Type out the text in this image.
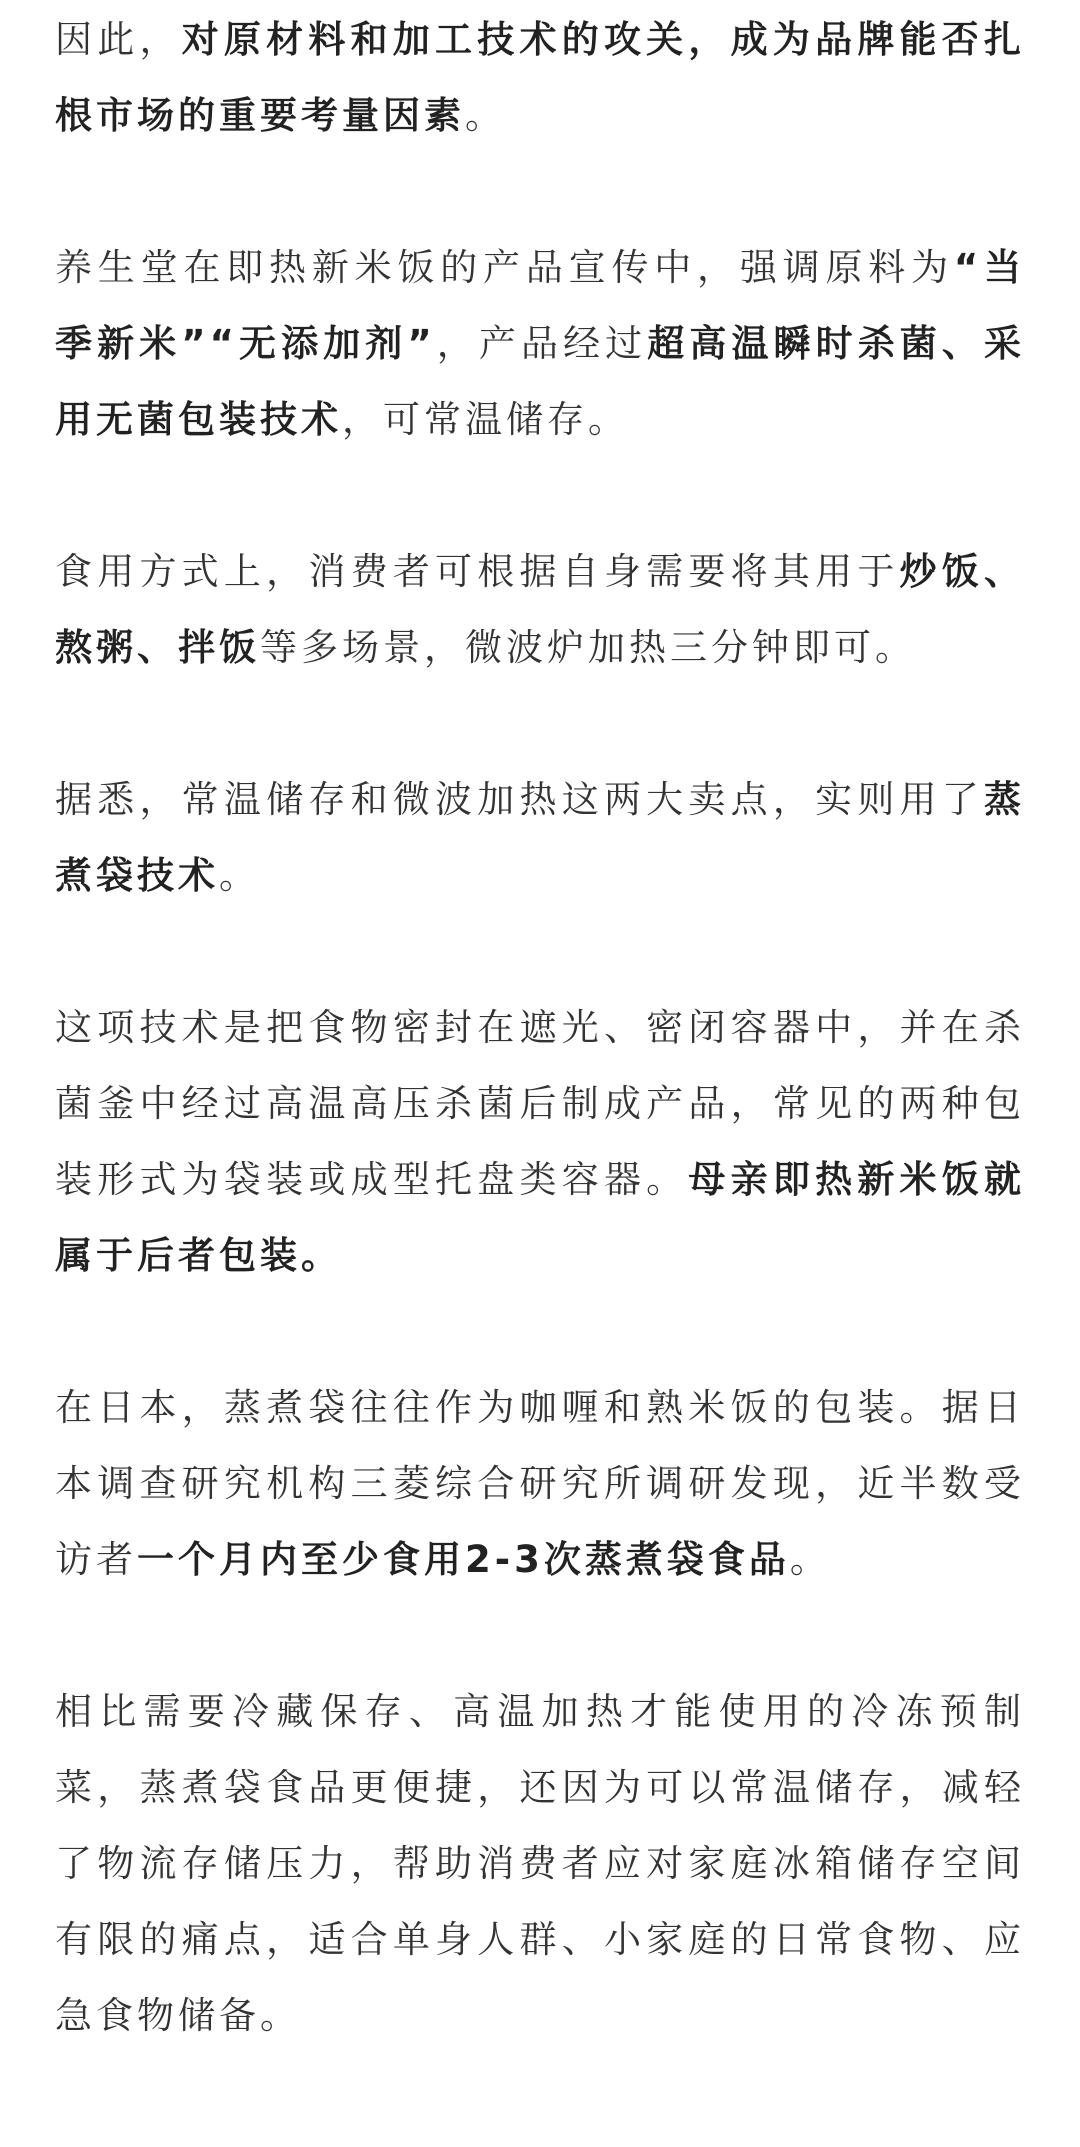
因此，对原材料和加工技术的攻关，成为品牌能否扎根市场的重要考量因素。

养生堂在即热新米饭的产品宣传中，强调原料为“当季新米”“无添加剂”，产品经过超高温瞬时杀菌、采用无菌包装技术，可常温储存。

食用方式上，消费者可根据自身需要将其用于炒饭、熬粥、拌饭等多场景，微波炉加热三分钟即可。

据悉，常温储存和微波加热这两大卖点，实则用了蒸煮袋技术。

这项技术是把食物密封在遮光、密闭容器中，并在杀菌釜中经过高温高压杀菌后制成产品，常见的两种包装形式为袋装或成型托盘类容器。母亲即热新米饭就属于后者包装。

在日本，蒸煮袋往往作为咖喱和熟米饭的包装。据日本调查研究机构三菱综合研究所调研发现，近半数受访者一个月内至少食用2-3次蒸煮袋食品。

相比需要冷藏保存、高温加热才能使用的冷冻预制菜，蒸煮袋食品更便捷，还因为可以常温储存，减轻了物流存储压力，帮助消费者应对家庭冰箱储存空间有限的痛点，适合单身人群、小家庭的日常食物、应急食物储备。
